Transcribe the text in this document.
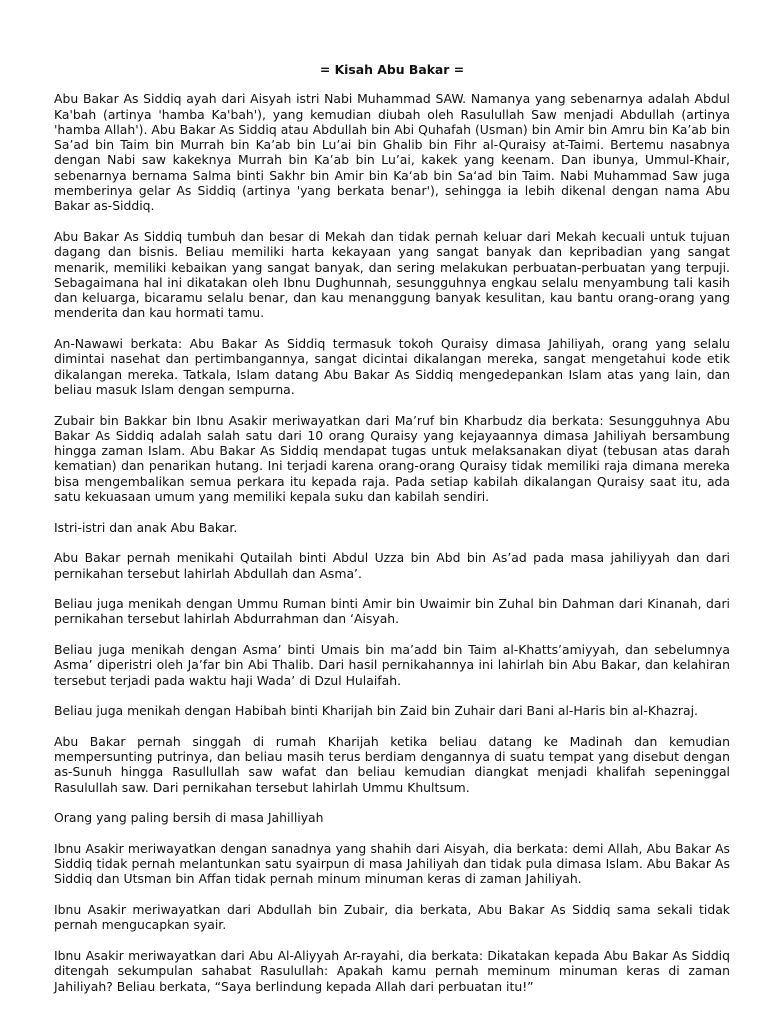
= Kisah Abu Bakar =

Abu Bakar As Siddiq ayah dari Aisyah istri Nabi Muhammad SAW. Namanya yang sebenarnya adalah Abdul Ka'bah (artinya 'hamba Ka'bah'), yang kemudian diubah oleh Rasulullah Saw menjadi Abdullah (artinya 'hamba Allah'). Abu Bakar As Siddiq atau Abdullah bin Abi Quhafah (Usman) bin Amir bin Amru bin Ka’ab bin Sa’ad bin Taim bin Murrah bin Ka’ab bin Lu’ai bin Ghalib bin Fihr al-Quraisy at-Taimi. Bertemu nasabnya dengan Nabi saw kakeknya Murrah bin Ka’ab bin Lu’ai, kakek yang keenam. Dan ibunya, Ummul-Khair, sebenarnya bernama Salma binti Sakhr bin Amir bin Ka‘ab bin Sa‘ad bin Taim. Nabi Muhammad Saw juga memberinya gelar As Siddiq (artinya 'yang berkata benar'), sehingga ia lebih dikenal dengan nama Abu Bakar as-Siddiq.

Abu Bakar As Siddiq tumbuh dan besar di Mekah dan tidak pernah keluar dari Mekah kecuali untuk tujuan dagang dan bisnis. Beliau memiliki harta kekayaan yang sangat banyak dan kepribadian yang sangat menarik, memiliki kebaikan yang sangat banyak, dan sering melakukan perbuatan-perbuatan yang terpuji. Sebagaimana hal ini dikatakan oleh Ibnu Dughunnah, sesungguhnya engkau selalu menyambung tali kasih dan keluarga, bicaramu selalu benar, dan kau menanggung banyak kesulitan, kau bantu orang-orang yang menderita dan kau hormati tamu.

An-Nawawi berkata: Abu Bakar As Siddiq termasuk tokoh Quraisy dimasa Jahiliyah, orang yang selalu dimintai nasehat dan pertimbangannya, sangat dicintai dikalangan mereka, sangat mengetahui kode etik dikalangan mereka. Tatkala, Islam datang Abu Bakar As Siddiq mengedepankan Islam atas yang lain, dan beliau masuk Islam dengan sempurna.

Zubair bin Bakkar bin Ibnu Asakir meriwayatkan dari Ma’ruf bin Kharbudz dia berkata: Sesungguhnya Abu Bakar As Siddiq adalah salah satu dari 10 orang Quraisy yang kejayaannya dimasa Jahiliyah bersambung hingga zaman Islam. Abu Bakar As Siddiq mendapat tugas untuk melaksanakan diyat (tebusan atas darah kematian) dan penarikan hutang. Ini terjadi karena orang-orang Quraisy tidak memiliki raja dimana mereka bisa mengembalikan semua perkara itu kepada raja. Pada setiap kabilah dikalangan Quraisy saat itu, ada satu kekuasaan umum yang memiliki kepala suku dan kabilah sendiri.

Istri-istri dan anak Abu Bakar.

Abu Bakar pernah menikahi Qutailah binti Abdul Uzza bin Abd bin As’ad pada masa jahiliyyah dan dari pernikahan tersebut lahirlah Abdullah dan Asma’.

Beliau juga menikah dengan Ummu Ruman binti Amir bin Uwaimir bin Zuhal bin Dahman dari Kinanah, dari pernikahan tersebut lahirlah Abdurrahman dan ‘Aisyah.

Beliau juga menikah dengan Asma’ binti Umais bin ma’add bin Taim al-Khatts’amiyyah, dan sebelumnya Asma’ diperistri oleh Ja’far bin Abi Thalib. Dari hasil pernikahannya ini lahirlah bin Abu Bakar, dan kelahiran tersebut terjadi pada waktu haji Wada’ di Dzul Hulaifah.

Beliau juga menikah dengan Habibah binti Kharijah bin Zaid bin Zuhair dari Bani al-Haris bin al-Khazraj.

Abu Bakar pernah singgah di rumah Kharijah ketika beliau datang ke Madinah dan kemudian mempersunting putrinya, dan beliau masih terus berdiam dengannya di suatu tempat yang disebut dengan as-Sunuh hingga Rasullullah saw wafat dan beliau kemudian diangkat menjadi khalifah sepeninggal Rasulullah saw. Dari pernikahan tersebut lahirlah Ummu Khultsum.

Orang yang paling bersih di masa Jahilliyah

Ibnu Asakir meriwayatkan dengan sanadnya yang shahih dari Aisyah, dia berkata: demi Allah, Abu Bakar As Siddiq tidak pernah melantunkan satu syairpun di masa Jahiliyah dan tidak pula dimasa Islam. Abu Bakar As Siddiq dan Utsman bin Affan tidak pernah minum minuman keras di zaman Jahiliyah.

Ibnu Asakir meriwayatkan dari Abdullah bin Zubair, dia berkata, Abu Bakar As Siddiq sama sekali tidak pernah mengucapkan syair.

Ibnu Asakir meriwayatkan dari Abu Al-Aliyyah Ar-rayahi, dia berkata: Dikatakan kepada Abu Bakar As Siddiq ditengah sekumpulan sahabat Rasulullah: Apakah kamu pernah meminum minuman keras di zaman Jahiliyah? Beliau berkata, “Saya berlindung kepada Allah dari perbuatan itu!”
